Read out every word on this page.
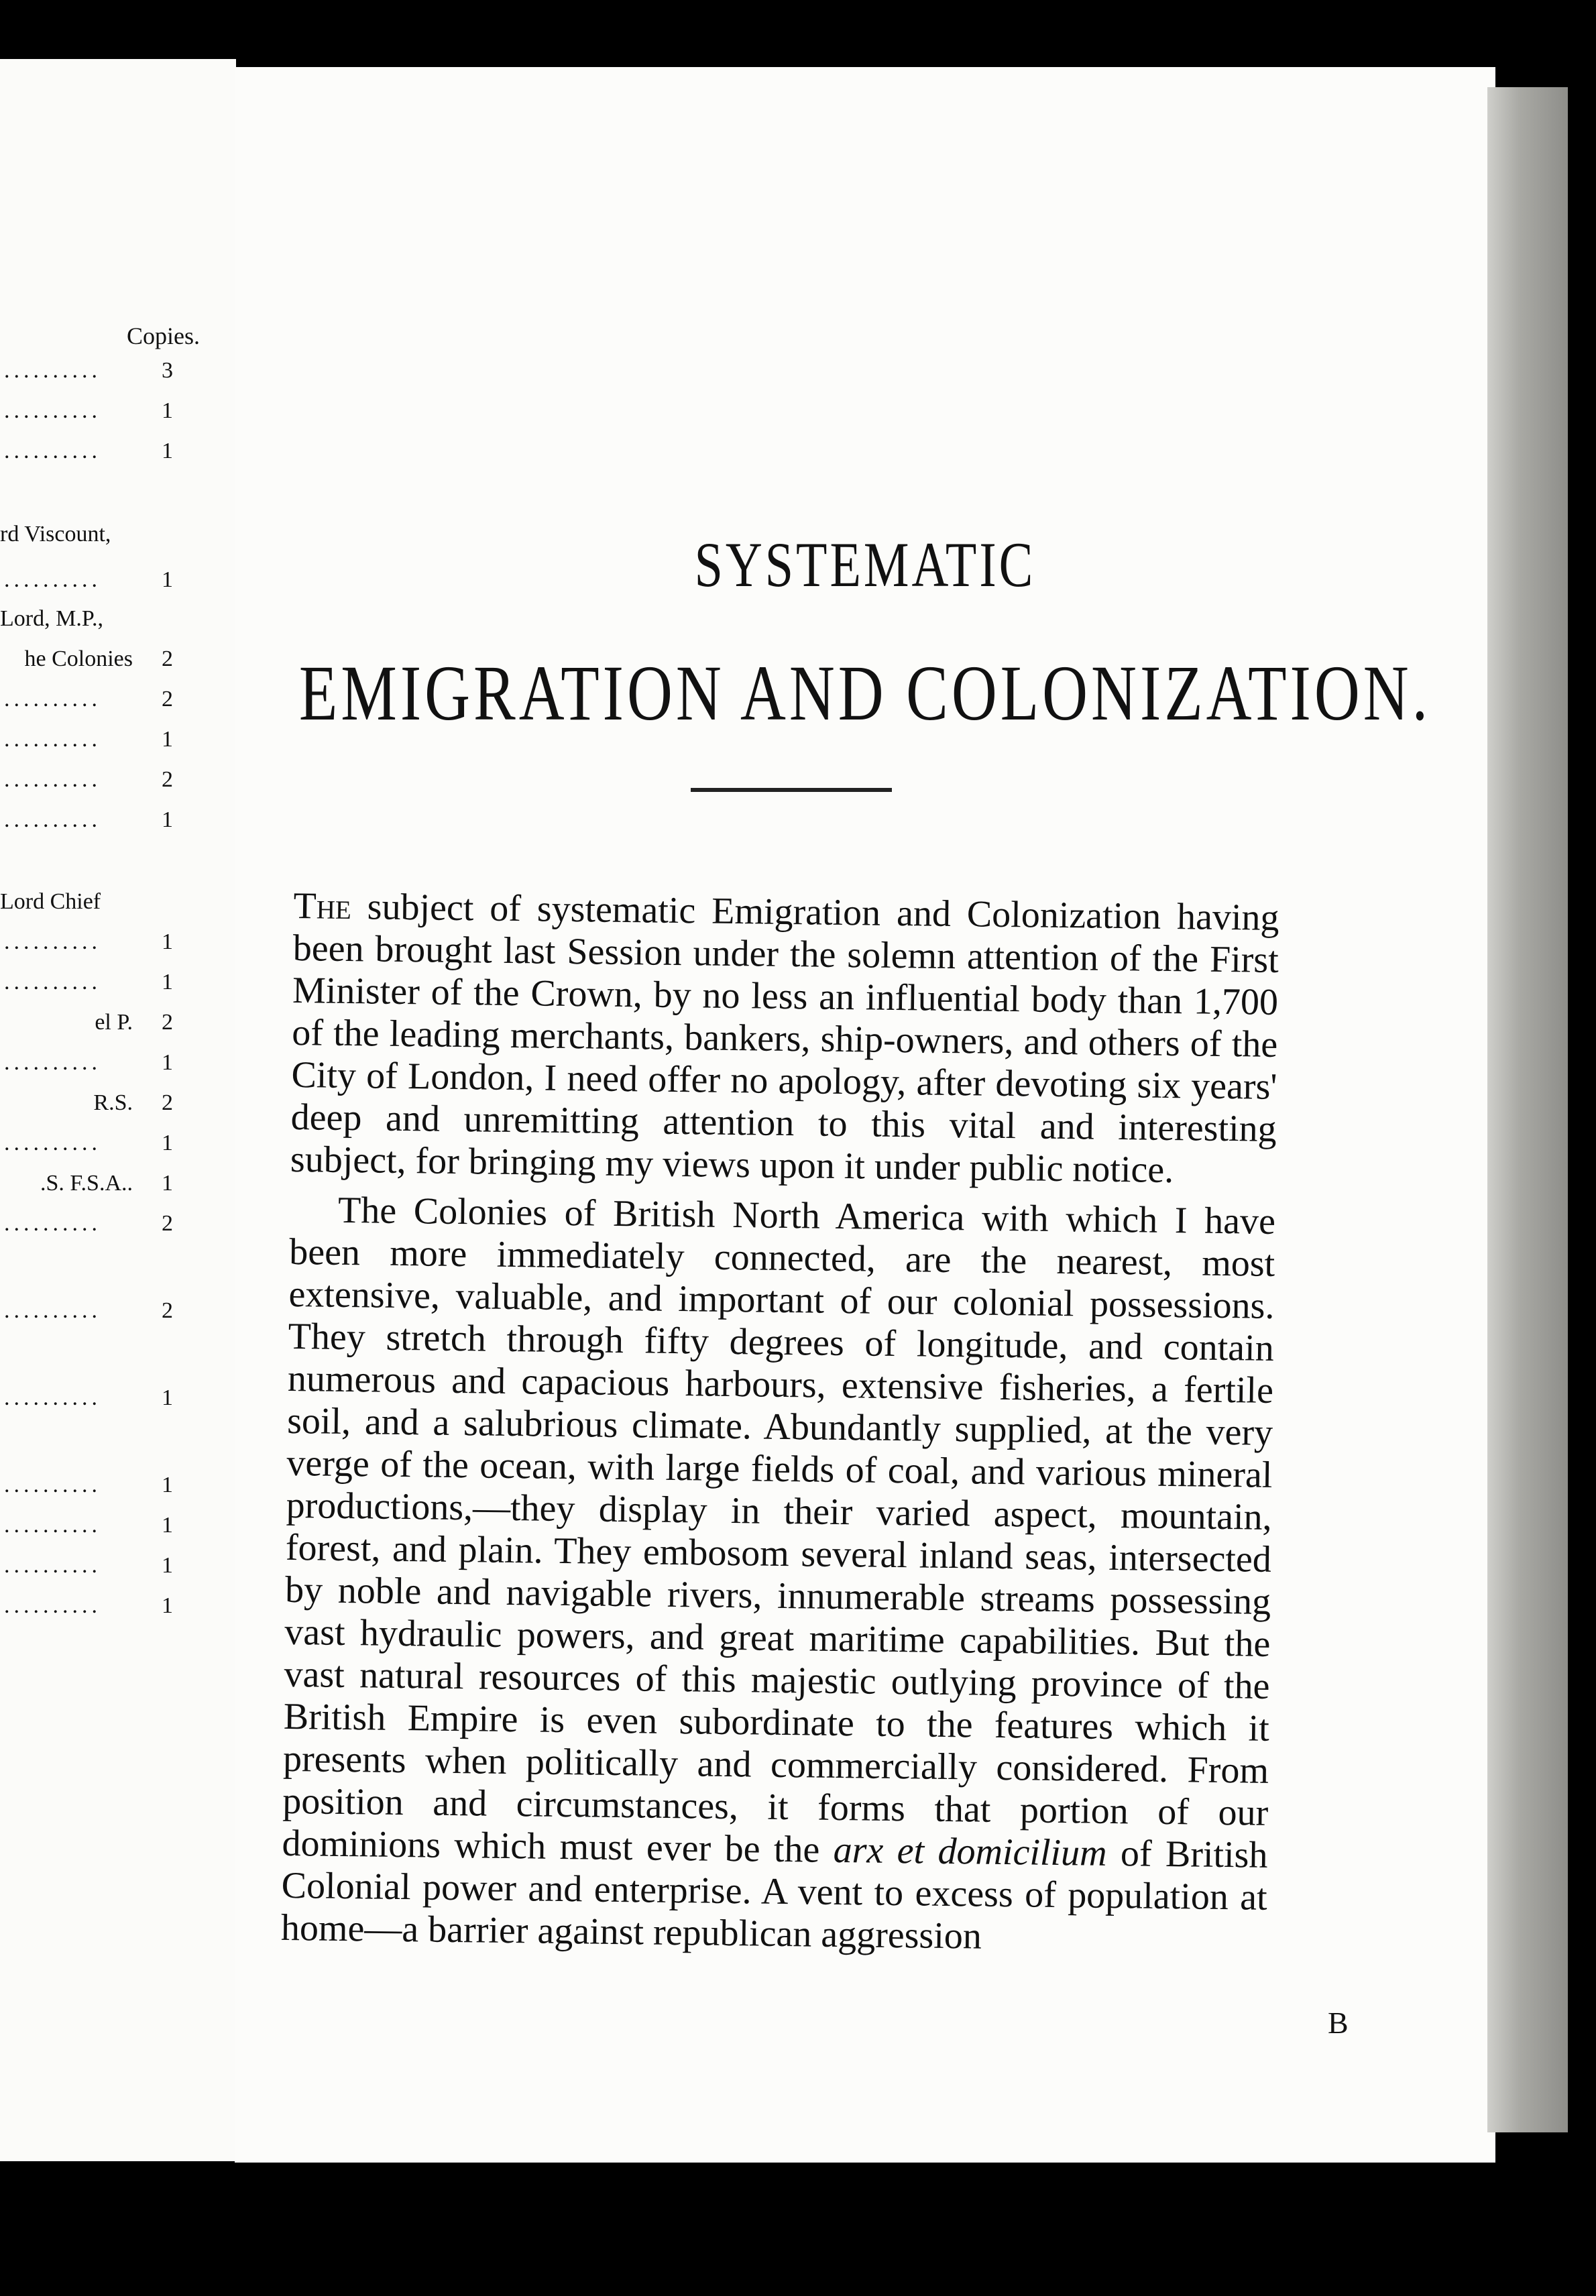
Copies.
..........	3
..........	1
..........	1
rd Viscount,
..........	1
Lord, M.P.,
he Colonies 2
..........	2
..........	1
..........	2
..........	1
Lord Chief
..........	1
..........	1
el P. 2
..........	1
R.S. 2
..........	1
.S. F.S.A.. 1
..........	2
..........	2
..........	1
..........	1
..........	1
..........	1
..........	1
SYSTEMATIC
EMIGRATION AND COLONIZATION.

The subject of systematic Emigration and Colonization having been brought last Session under the solemn attention of the First Minister of the Crown, by no less an influential body than 1,700 of the leading merchants, bankers, ship-owners, and others of the City of London, I need offer no apology, after devoting six years' deep and unremitting attention to this vital and interesting subject, for bringing my views upon it under public notice.

The Colonies of British North America with which I have been more immediately connected, are the nearest, most extensive, valuable, and important of our colonial possessions. They stretch through fifty degrees of longitude, and contain numerous and capacious harbours, extensive fisheries, a fertile soil, and a salubrious climate. Abundantly supplied, at the very verge of the ocean, with large fields of coal, and various mineral productions,—they display in their varied aspect, mountain, forest, and plain. They embosom several inland seas, intersected by noble and navigable rivers, innumerable streams possessing vast hydraulic powers, and great maritime capabilities. But the vast natural resources of this majestic outlying province of the British Empire is even subordinate to the features which it presents when politically and commercially considered. From position and circumstances, it forms that portion of our dominions which must ever be the arx et domicilium of British Colonial power and enterprise. A vent to excess of population at home—a barrier against republican aggression

B
